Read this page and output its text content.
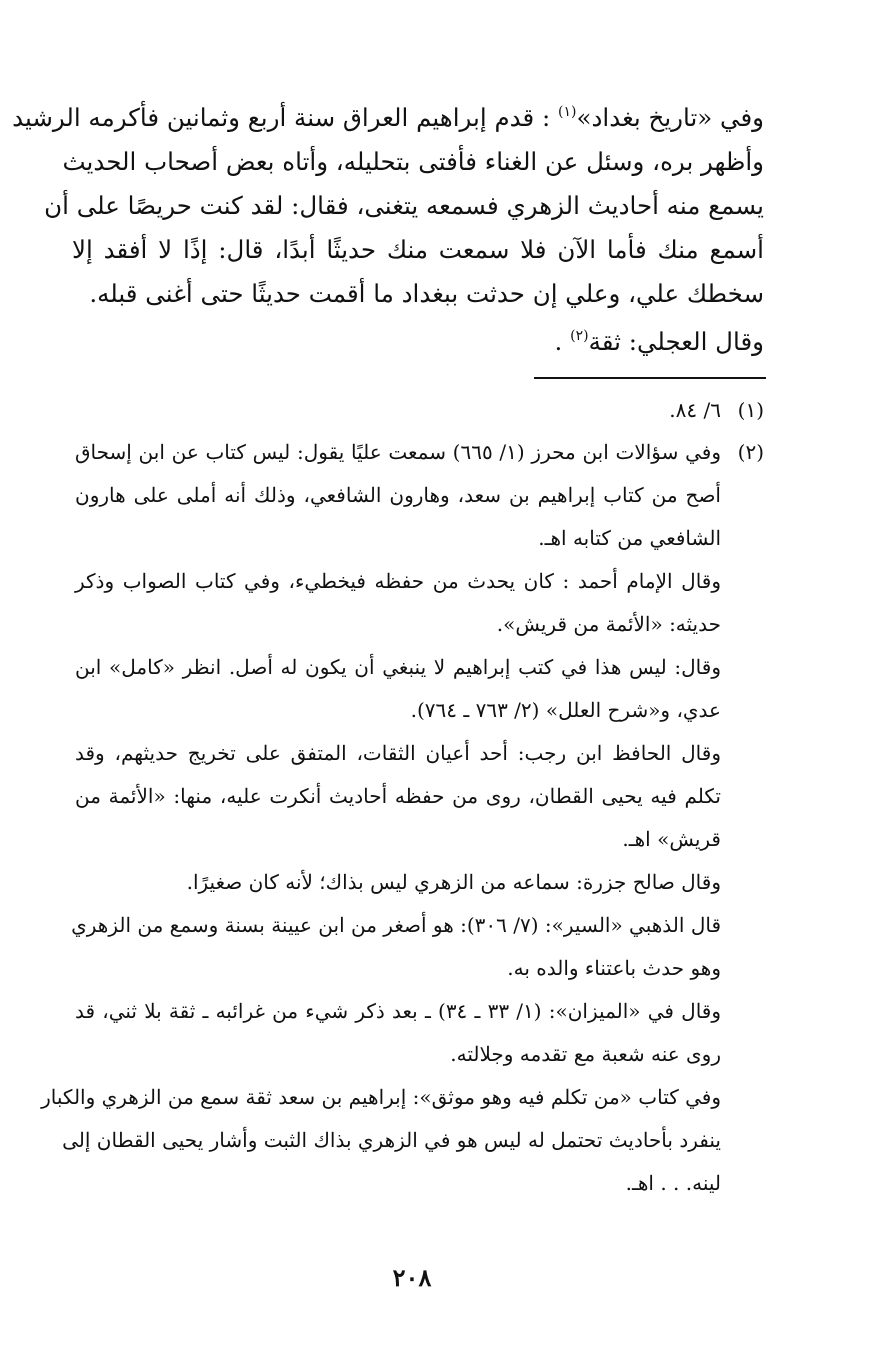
وفي «تاريخ بغداد»$^{(١)}$ : قدم إبراهيم العراق سنة أربع وثمانين فأكرمه الرشيد
وأظهر بره، وسئل عن الغناء فأفتى بتحليله، وأتاه بعض أصحاب الحديث
يسمع منه أحاديث الزهري فسمعه يتغنى، فقال: لقد كنت حريصًا على أن
أسمع منك فأما الآن فلا سمعت منك حديثًا أبدًا، قال: إذًا لا أفقد إلا
سخطك علي، وعلي إن حدثت ببغداد ما أقمت حديثًا حتى أغنى قبله.
وقال العجلي: ثقة$^{(٢)}$ .
(١)
٦/ ٨٤.
(٢)
وفي سؤالات ابن محرز (١/ ٦٦٥) سمعت عليًا يقول: ليس كتاب عن ابن إسحاق
أصح من كتاب إبراهيم بن سعد، وهارون الشافعي، وذلك أنه أملى على هارون
الشافعي من كتابه اهـ.
وقال الإمام أحمد : كان يحدث من حفظه فيخطيء، وفي كتاب الصواب وذكر
حديثه: «الأئمة من قريش».
وقال: ليس هذا في كتب إبراهيم لا ينبغي أن يكون له أصل. انظر «كامل» ابن
عدي، و«شرح العلل» (٢/ ٧٦٣ ـ ٧٦٤).
وقال الحافظ ابن رجب: أحد أعيان الثقات، المتفق على تخريج حديثهم، وقد
تكلم فيه يحيى القطان، روى من حفظه أحاديث أنكرت عليه، منها: «الأئمة من
قريش» اهـ.
وقال صالح جزرة: سماعه من الزهري ليس بذاك؛ لأنه كان صغيرًا.
قال الذهبي «السير»: (٧/ ٣٠٦): هو أصغر من ابن عيينة بسنة وسمع من الزهري
وهو حدث باعتناء والده به.
وقال في «الميزان»: (١/ ٣٣ ـ ٣٤) ـ بعد ذكر شيء من غرائبه ـ ثقة بلا ثني، قد
روى عنه شعبة مع تقدمه وجلالته.
وفي كتاب «من تكلم فيه وهو موثق»: إبراهيم بن سعد ثقة سمع من الزهري والكبار
ينفرد بأحاديث تحتمل له ليس هو في الزهري بذاك الثبت وأشار يحيى القطان إلى
لينه. . . اهـ.
٢٠٨
